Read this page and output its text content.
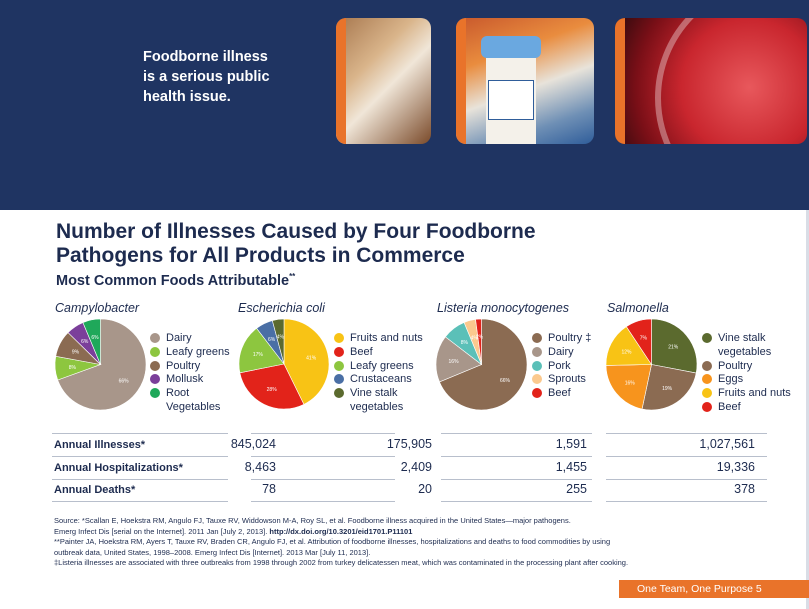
Foodborne illness
is a serious public
health issue.
Number of Illnesses Caused by Four Foodborne
Pathogens for All Products in Commerce
Most Common Foods Attributable**
Campylobacter	Escherichia coli	Listeria monocytogenes	Salmonella
66%
8%
9%
6%
6%
41%
28%
17%
6% 4%
66%
16%
8%
4%
2%
21%
19%
16%
12%
7%
Dairy
Leafy greens
Poultry
Mollusk
Root
Vegetables
Fruits and nuts
Beef
Leafy greens
Crustaceans
Vine stalk
vegetables
Poultry ‡
Dairy
Pork
Sprouts
Beef
Vine stalk
vegetables
Poultry
Eggs
Fruits and nuts
Beef
Annual Illnesses*	845,024	175,905	1,591	1,027,561
Annual Hospitalizations*	8,463	2,409	1,455	19,336
Annual Deaths*	78	20	255	378
Source: *Scallan E, Hoekstra RM, Angulo FJ, Tauxe RV, Widdowson M-A, Roy SL, et al. Foodborne illness acquired in the United States—major pathogens.
Emerg Infect Dis [serial on the Internet]. 2011 Jan [July 2, 2013]. http://dx.doi.org/10.3201/eid1701.P11101
**Painter JA, Hoekstra RM, Ayers T, Tauxe RV, Braden CR, Angulo FJ, et al. Attribution of foodborne illnesses, hospitalizations and deaths to food commodities by using
outbreak data, United States, 1998–2008. Emerg Infect Dis [Internet]. 2013 Mar [July 11, 2013].
‡Listeria illnesses are associated with three outbreaks from 1998 through 2002 from turkey delicatessen meat, which was contaminated in the processing plant after cooking.
One Team, One Purpose 5
